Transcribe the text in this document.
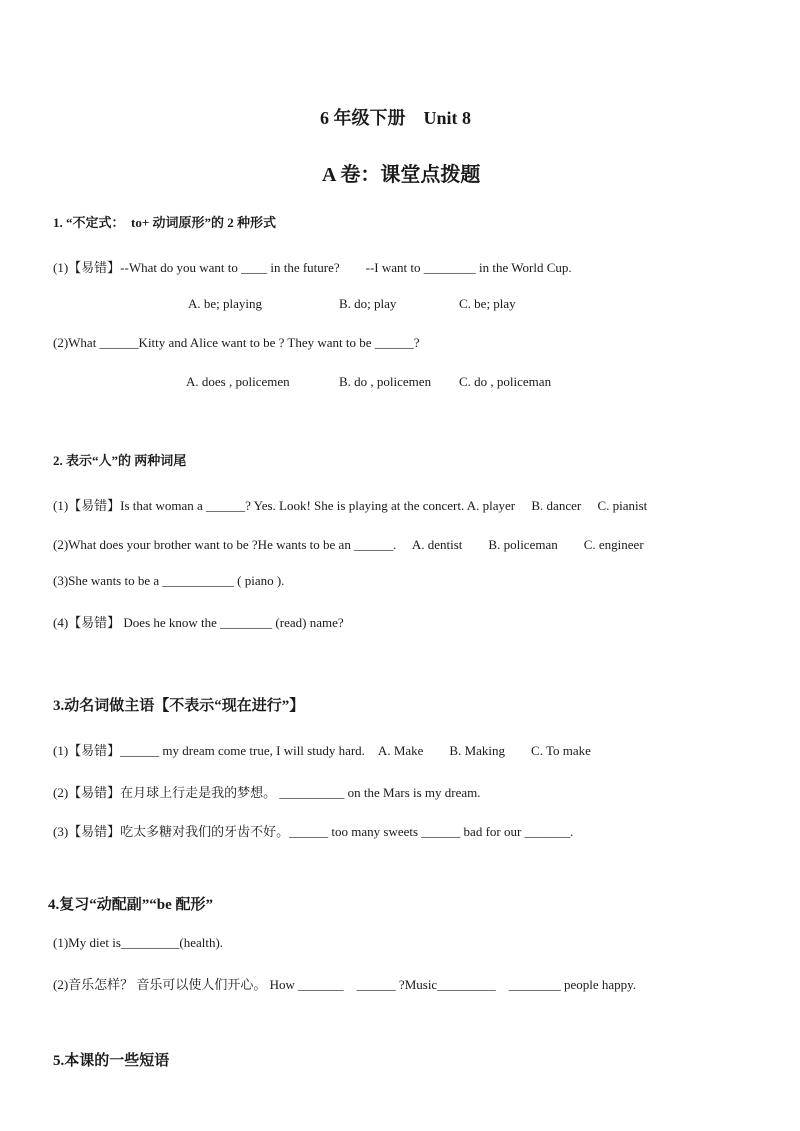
6 年级下册　Unit 8
A 卷：课堂点拨题
1. “不定式：　to+ 动词原形”的 2 种形式
(1)【易错】--What do you want to ____ in the future?　　--I want to ________ in the World Cup.
A. be; playing	B. do; play	C. be; play
(2)What ______Kitty and Alice want to be ? They want to be ______?
A. does , policemen	B. do , policemen C. do , policeman
2. 表示“人”的 两种词尾
(1)【易错】Is that woman a ______? Yes. Look! She is playing at the concert. A. player　 B. dancer　 C. pianist
(2)What does your brother want to be ?He wants to be an ______.　 A. dentist　　B. policeman　　C. engineer
(3)She wants to be a ___________ ( piano ).
(4)【易错】 Does he know the ________ (read) name?
3.动名词做主语【不表示“现在进行”】
(1)【易错】______ my dream come true, I will study hard.　A. Make　　B. Making　　C. To make
(2)【易错】在月球上行走是我的梦想。 __________ on the Mars is my dream.
(3)【易错】吃太多糖对我们的牙齿不好。______ too many sweets ______ bad for our _______.
4.复习“动配副”“be 配形”
(1)My diet is_________(health).
(2)音乐怎样？ 音乐可以使人们开心。 How _______　______ ?Music_________　________ people happy.
5.本课的一些短语
